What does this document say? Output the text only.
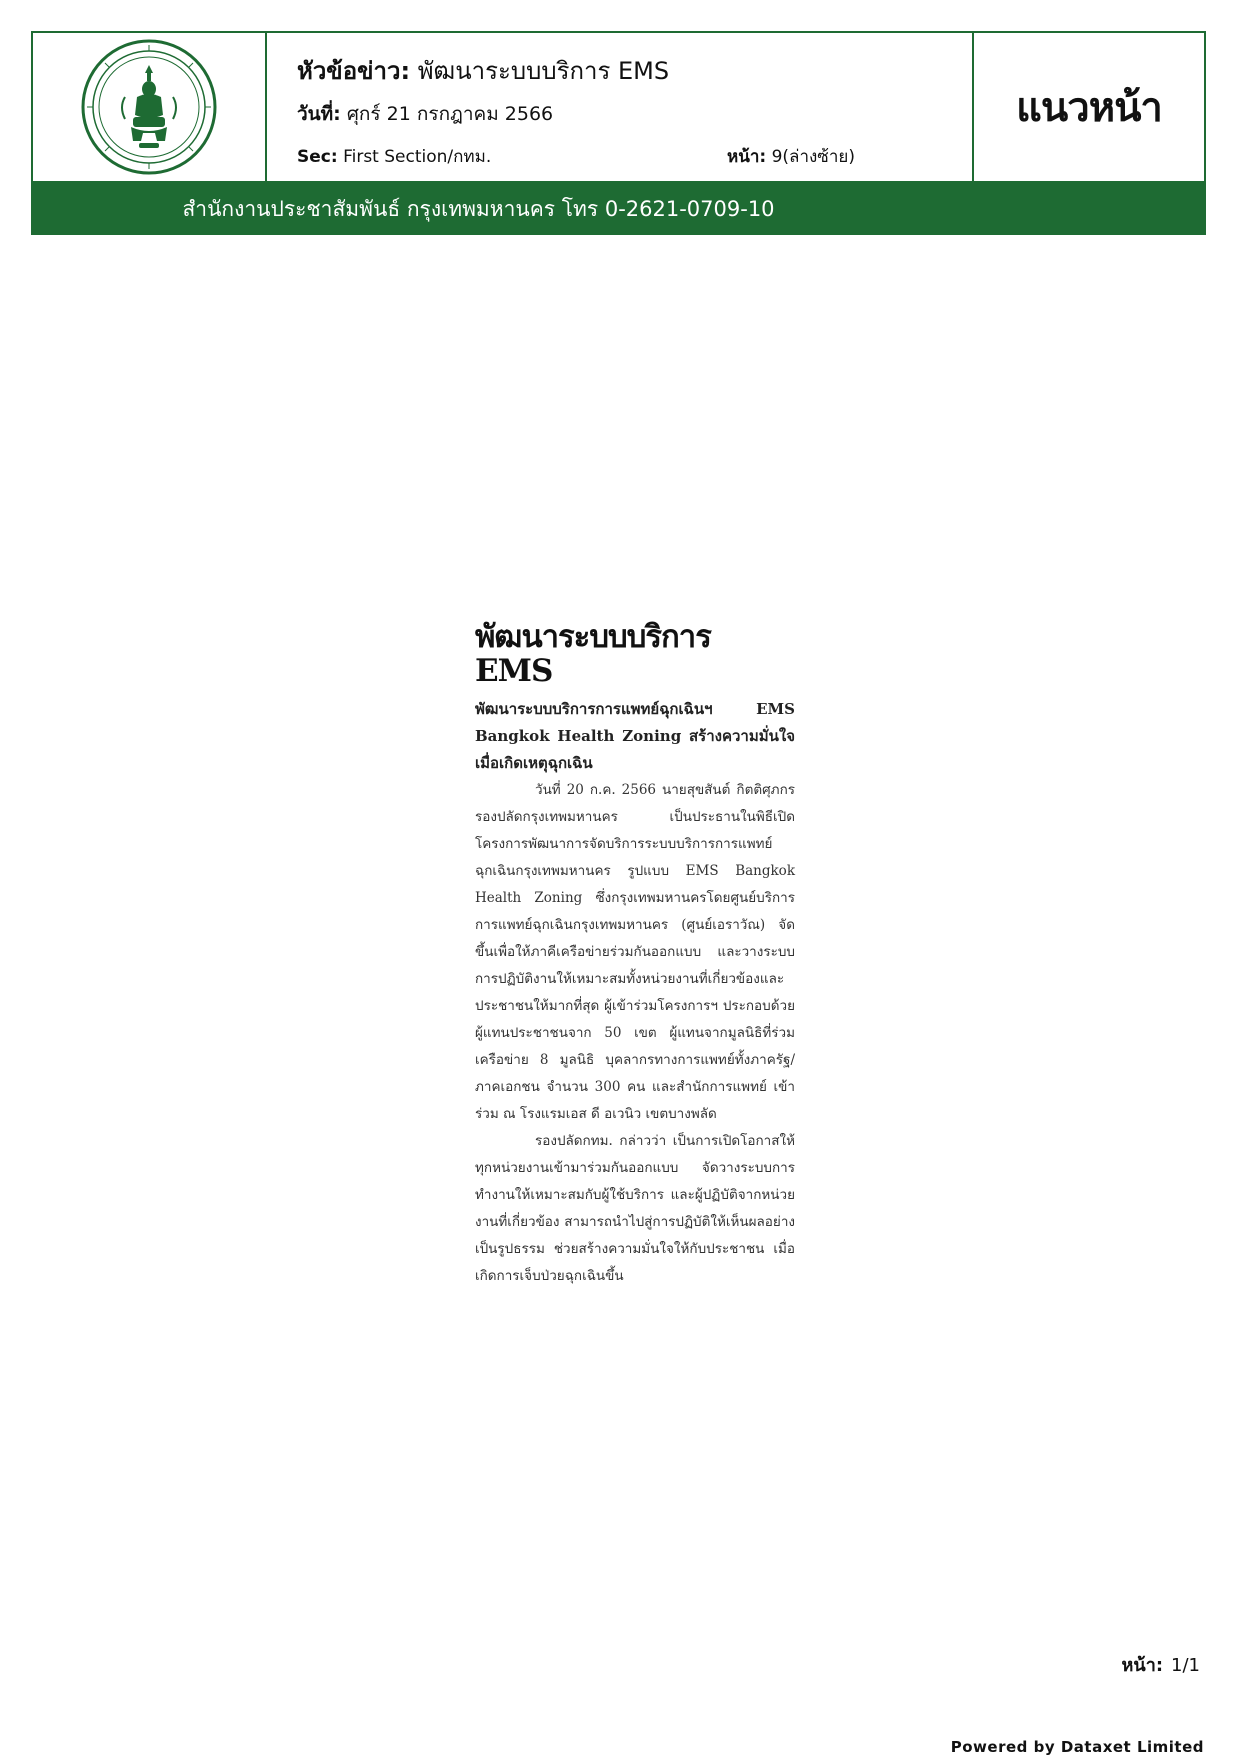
หัวข้อข่าว: พัฒนาระบบบริการ EMS
วันที่: ศุกร์ 21 กรกฎาคม 2566
Sec: First Section/กทม.	หน้า: 9(ล่างซ้าย)
แนวหน้า
สำนักงานประชาสัมพันธ์ กรุงเทพมหานคร โทร 0-2621-0709-10
พัฒนาระบบบริการ EMS

พัฒนาระบบบริการการแพทย์ฉุกเฉินฯ EMS Bangkok Health Zoning สร้างความมั่นใจ เมื่อเกิดเหตุฉุกเฉิน

วันที่ 20 ก.ค. 2566 นายสุขสันต์ กิตติศุภกร รองปลัดกรุงเทพมหานคร เป็นประธานในพิธีเปิดโครงการพัฒนาการจัดบริการระบบบริการการแพทย์ฉุกเฉินกรุงเทพมหานคร รูปแบบ EMS Bangkok Health Zoning ซึ่งกรุงเทพมหานครโดยศูนย์บริการการแพทย์ฉุกเฉินกรุงเทพมหานคร (ศูนย์เอราวัณ) จัดขึ้นเพื่อให้ภาคีเครือข่ายร่วมกันออกแบบ และวางระบบการปฏิบัติงานให้เหมาะสมทั้งหน่วยงานที่เกี่ยวข้องและประชาชนให้มากที่สุด ผู้เข้าร่วมโครงการฯ ประกอบด้วย ผู้แทนประชาชนจาก 50 เขต ผู้แทนจากมูลนิธิที่ร่วมเครือข่าย 8 มูลนิธิ บุคลากรทางการแพทย์ทั้งภาครัฐ/ภาคเอกชน จำนวน 300 คน และสำนักการแพทย์ เข้าร่วม ณ โรงแรมเอส ดี อเวนิว เขตบางพลัด

รองปลัดกทม. กล่าวว่า เป็นการเปิดโอกาสให้ทุกหน่วยงานเข้ามาร่วมกันออกแบบ จัดวางระบบการทำงานให้เหมาะสมกับผู้ใช้บริการ และผู้ปฏิบัติจากหน่วยงานที่เกี่ยวข้อง สามารถนำไปสู่การปฏิบัติให้เห็นผลอย่างเป็นรูปธรรม ช่วยสร้างความมั่นใจให้กับประชาชน เมื่อเกิดการเจ็บป่วยฉุกเฉินขึ้น

หน้า: 1/1
Powered by Dataxet Limited
